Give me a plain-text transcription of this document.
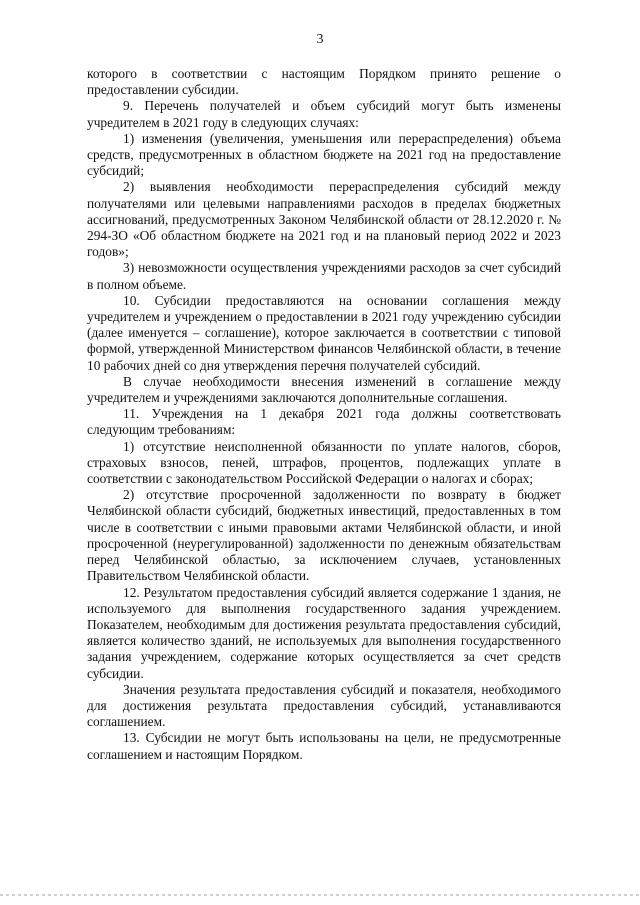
3

которого в соответствии с настоящим Порядком принято решение о предоставлении субсидии.

9. Перечень получателей и объем субсидий могут быть изменены учредителем в 2021 году в следующих случаях:

1) изменения (увеличения, уменьшения или перераспределения) объема средств, предусмотренных в областном бюджете на 2021 год на предоставление субсидий;

2) выявления необходимости перераспределения субсидий между получателями или целевыми направлениями расходов в пределах бюджетных ассигнований, предусмотренных Законом Челябинской области от 28.12.2020 г. № 294-ЗО «Об областном бюджете на 2021 год и на плановый период 2022 и 2023 годов»;

3) невозможности осуществления учреждениями расходов за счет субсидий в полном объеме.

10. Субсидии предоставляются на основании соглашения между учредителем и учреждением о предоставлении в 2021 году учреждению субсидии (далее именуется – соглашение), которое заключается в соответствии с типовой формой, утвержденной Министерством финансов Челябинской области, в течение 10 рабочих дней со дня утверждения перечня получателей субсидий.

В случае необходимости внесения изменений в соглашение между учредителем и учреждениями заключаются дополнительные соглашения.

11. Учреждения на 1 декабря 2021 года должны соответствовать следующим требованиям:

1) отсутствие неисполненной обязанности по уплате налогов, сборов, страховых взносов, пеней, штрафов, процентов, подлежащих уплате в соответствии с законодательством Российской Федерации о налогах и сборах;

2) отсутствие просроченной задолженности по возврату в бюджет Челябинской области субсидий, бюджетных инвестиций, предоставленных в том числе в соответствии с иными правовыми актами Челябинской области, и иной просроченной (неурегулированной) задолженности по денежным обязательствам перед Челябинской областью, за исключением случаев, установленных Правительством Челябинской области.

12. Результатом предоставления субсидий является содержание 1 здания, не используемого для выполнения государственного задания учреждением. Показателем, необходимым для достижения результата предоставления субсидий, является количество зданий, не используемых для выполнения государственного задания учреждением, содержание которых осуществляется за счет средств субсидии.

Значения результата предоставления субсидий и показателя, необходимого для достижения результата предоставления субсидий, устанавливаются соглашением.

13. Субсидии не могут быть использованы на цели, не предусмотренные соглашением и настоящим Порядком.
